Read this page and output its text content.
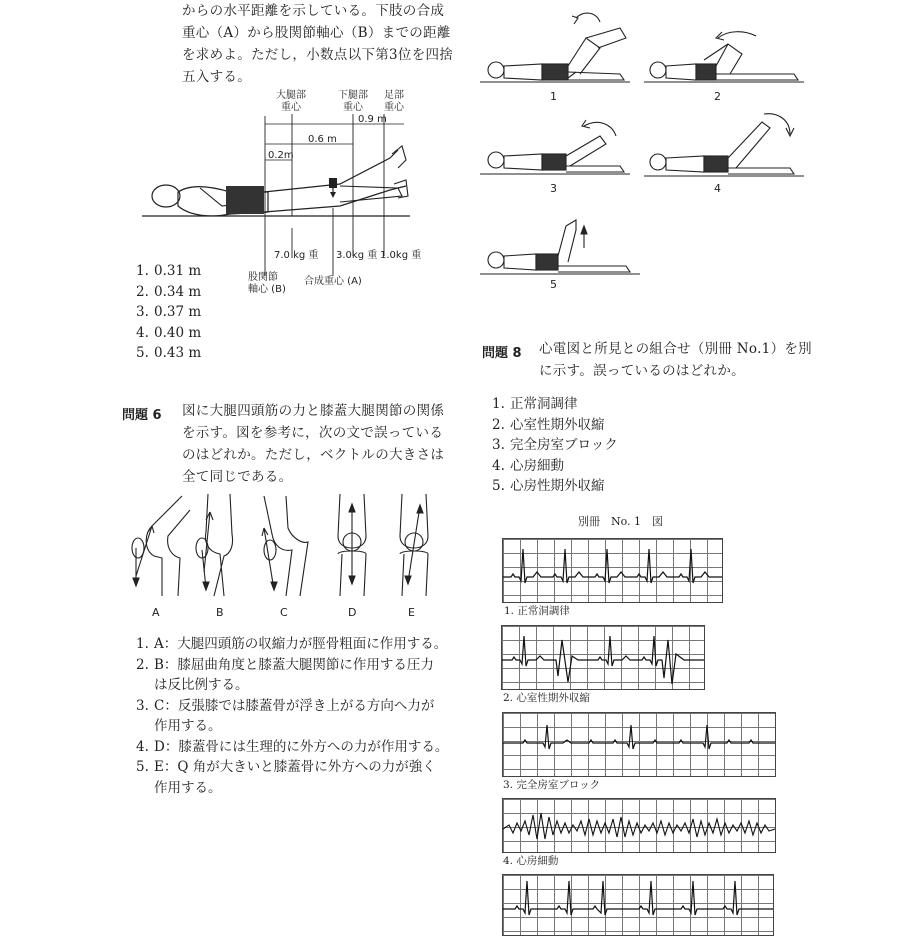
からの水平距離を示している。下肢の合成
重心（A）から股関節軸心（B）までの距離
を求めよ。ただし，小数点以下第3位を四捨
五入する。
大腿部
重心
下腿部
重心
足部
重心
0.9 m
0.6 m
0.2m
7.0 kg 重 3.0kg 重 1.0kg 重
股関節
軸心 (B)
合成重心 (A)
1. 0.31 m
2. 0.34 m
3. 0.37 m
4. 0.40 m
5. 0.43 m
問題 6 図に大腿四頭筋の力と膝蓋大腿関節の関係
を示す。図を参考に，次の文で誤っている
のはどれか。ただし，ベクトルの大きさは
全て同じである。
A	B	C	D	E
1. A：大腿四頭筋の収縮力が脛骨粗面に作用する。
2. B：膝屈曲角度と膝蓋大腿関節に作用する圧力
は反比例する。
3. C：反張膝では膝蓋骨が浮き上がる方向へ力が
作用する。
4. D：膝蓋骨には生理的に外方への力が作用する。
5. E：Q 角が大きいと膝蓋骨に外方への力が強く
作用する。
1	2
3	4
5
問題 8 心電図と所見との組合せ（別冊 No.1）を別
に示す。誤っているのはどれか。
1. 正常洞調律
2. 心室性期外収縮
3. 完全房室ブロック
4. 心房細動
5. 心房性期外収縮
別冊　No. 1　図
1. 正常洞調律
2. 心室性期外収縮
3. 完全房室ブロック
4. 心房細動
